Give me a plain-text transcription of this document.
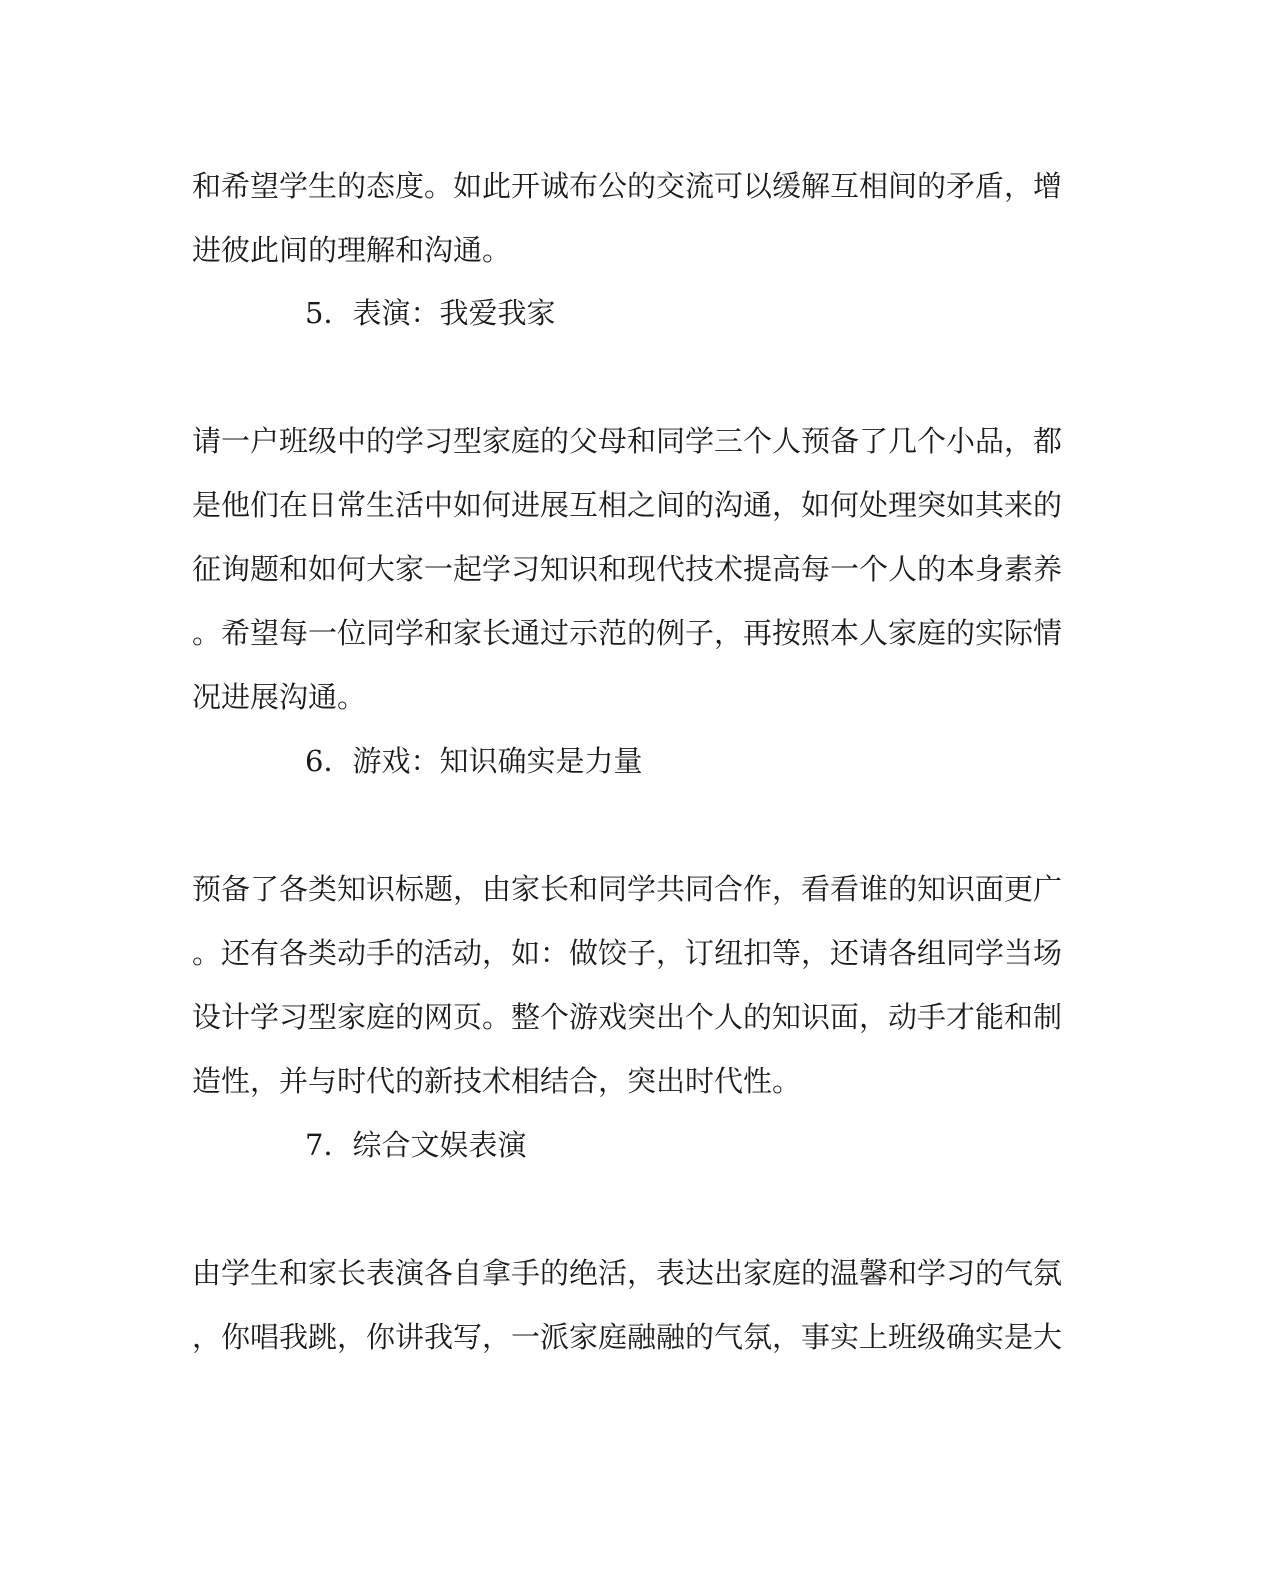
和希望学生的态度。如此开诚布公的交流可以缓解互相间的矛盾，增
进彼此间的理解和沟通。
5．表演：我爱我家
请一户班级中的学习型家庭的父母和同学三个人预备了几个小品，都
是他们在日常生活中如何进展互相之间的沟通，如何处理突如其来的
征询题和如何大家一起学习知识和现代技术提高每一个人的本身素养
。希望每一位同学和家长通过示范的例子，再按照本人家庭的实际情
况进展沟通。
6．游戏：知识确实是力量
预备了各类知识标题，由家长和同学共同合作，看看谁的知识面更广
。还有各类动手的活动，如：做饺子，订纽扣等，还请各组同学当场
设计学习型家庭的网页。整个游戏突出个人的知识面，动手才能和制
造性，并与时代的新技术相结合，突出时代性。
7．综合文娱表演
由学生和家长表演各自拿手的绝活，表达出家庭的温馨和学习的气氛
，你唱我跳，你讲我写，一派家庭融融的气氛，事实上班级确实是大
